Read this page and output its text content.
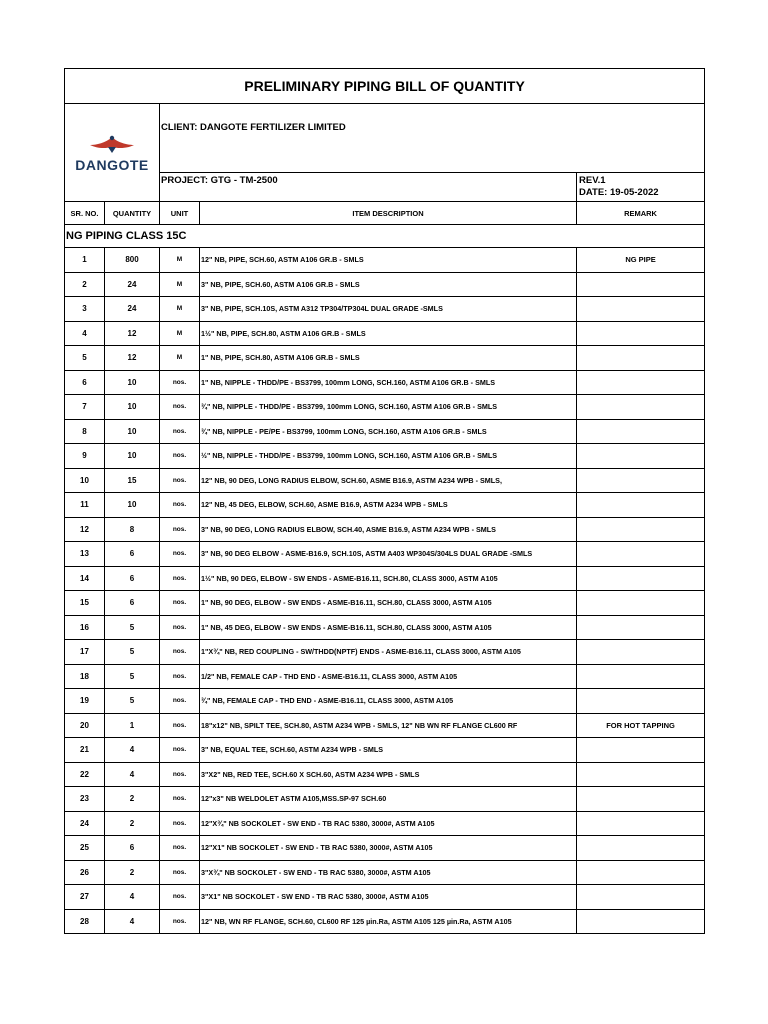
PRELIMINARY PIPING BILL OF QUANTITY				

DANGOTE		CLIENT: DANGOTE FERTILIZER LIMITED		
		PROJECT: GTG - TM-2500		REV.1
DATE: 19-05-2022

SR. NO.	QUANTITY	UNIT	ITEM DESCRIPTION	REMARK
NG PIPING CLASS 15C				
1	800	M	12" NB, PIPE, SCH.60, ASTM A106 GR.B - SMLS	NG PIPE
2	24	M	3" NB, PIPE, SCH.60, ASTM A106 GR.B - SMLS	
3	24	M	3" NB, PIPE, SCH.10S, ASTM A312 TP304/TP304L DUAL GRADE -SMLS	
4	12	M	1½" NB, PIPE, SCH.80, ASTM A106 GR.B - SMLS	
5	12	M	1" NB, PIPE, SCH.80, ASTM A106 GR.B - SMLS	
6	10	nos.	1" NB, NIPPLE - THDD/PE - BS3799, 100mm LONG, SCH.160, ASTM A106 GR.B - SMLS	
7	10	nos.	¾" NB, NIPPLE - THDD/PE - BS3799, 100mm LONG, SCH.160, ASTM A106 GR.B - SMLS	
8	10	nos.	¾" NB, NIPPLE - PE/PE - BS3799, 100mm LONG, SCH.160, ASTM A106 GR.B - SMLS	
9	10	nos.	½" NB, NIPPLE - THDD/PE - BS3799, 100mm LONG, SCH.160, ASTM A106 GR.B - SMLS	
10	15	nos.	12" NB, 90 DEG, LONG RADIUS ELBOW, SCH.60, ASME B16.9, ASTM A234 WPB - SMLS,	
11	10	nos.	12" NB, 45 DEG, ELBOW, SCH.60, ASME B16.9, ASTM A234 WPB - SMLS	
12	8	nos.	3" NB, 90 DEG, LONG RADIUS ELBOW, SCH.40, ASME B16.9, ASTM A234 WPB - SMLS	
13	6	nos.	3" NB, 90 DEG ELBOW - ASME-B16.9, SCH.10S, ASTM A403 WP304S/304LS DUAL GRADE -SMLS	
14	6	nos.	1½" NB, 90 DEG, ELBOW - SW ENDS - ASME-B16.11, SCH.80, CLASS 3000, ASTM A105	
15	6	nos.	1" NB, 90 DEG, ELBOW - SW ENDS - ASME-B16.11, SCH.80, CLASS 3000, ASTM A105	
16	5	nos.	1" NB, 45 DEG, ELBOW - SW ENDS - ASME-B16.11, SCH.80, CLASS 3000, ASTM A105	
17	5	nos.	1"X¾" NB, RED COUPLING - SW/THDD(NPTF) ENDS - ASME-B16.11, CLASS 3000, ASTM A105	
18	5	nos.	1/2" NB, FEMALE CAP - THD END - ASME-B16.11, CLASS 3000, ASTM A105	
19	5	nos.	¾" NB, FEMALE CAP - THD END - ASME-B16.11, CLASS 3000, ASTM A105	
20	1	nos.	18"x12" NB, SPILT TEE, SCH.80, ASTM A234 WPB - SMLS, 12" NB WN RF FLANGE CL600 RF	FOR HOT TAPPING
21	4	nos.	3" NB, EQUAL TEE, SCH.60, ASTM A234 WPB - SMLS	
22	4	nos.	3"X2" NB, RED TEE, SCH.60 X SCH.60, ASTM A234 WPB - SMLS	
23	2	nos.	12"x3" NB WELDOLET ASTM A105,MSS.SP-97 SCH.60	
24	2	nos.	12"X¾" NB SOCKOLET - SW END - TB RAC 5380, 3000#, ASTM A105	
25	6	nos.	12"X1" NB SOCKOLET - SW END - TB RAC 5380, 3000#, ASTM A105	
26	2	nos.	3"X¾" NB SOCKOLET - SW END - TB RAC 5380, 3000#, ASTM A105	
27	4	nos.	3"X1" NB SOCKOLET - SW END - TB RAC 5380, 3000#, ASTM A105	
28	4	nos.	12" NB, WN RF FLANGE, SCH.60, CL600 RF 125 µin.Ra, ASTM A105 125 µin.Ra, ASTM A105	
